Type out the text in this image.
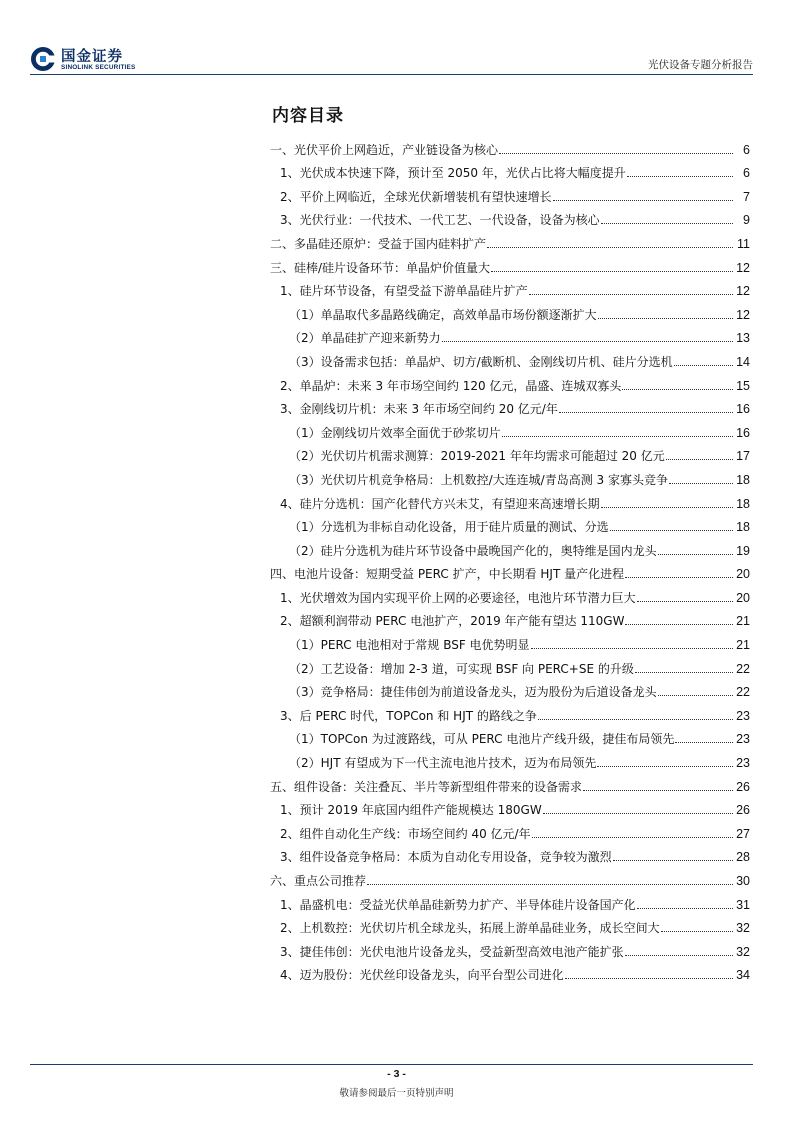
国金证券
SINOLINK SECURITIES	光伏设备专题分析报告
内容目录
一、光伏平价上网趋近，产业链设备为核心	6
1、光伏成本快速下降，预计至 2050 年，光伏占比将大幅度提升	6
2、平价上网临近，全球光伏新增装机有望快速增长	7
3、光伏行业：一代技术、一代工艺、一代设备，设备为核心	9
二、多晶硅还原炉：受益于国内硅料扩产	11
三、硅棒/硅片设备环节：单晶炉价值量大	12
1、硅片环节设备，有望受益下游单晶硅片扩产	12
（1）单晶取代多晶路线确定，高效单晶市场份额逐渐扩大	12
（2）单晶硅扩产迎来新势力	13
（3）设备需求包括：单晶炉、切方/截断机、金刚线切片机、硅片分选机	14
2、单晶炉：未来 3 年市场空间约 120 亿元，晶盛、连城双寡头	15
3、金刚线切片机：未来 3 年市场空间约 20 亿元/年	16
（1）金刚线切片效率全面优于砂浆切片	16
（2）光伏切片机需求测算：2019-2021 年年均需求可能超过 20 亿元	17
（3）光伏切片机竞争格局：上机数控/大连连城/青岛高测 3 家寡头竞争	18
4、硅片分选机：国产化替代方兴未艾，有望迎来高速增长期	18
（1）分选机为非标自动化设备，用于硅片质量的测试、分选	18
（2）硅片分选机为硅片环节设备中最晚国产化的，奥特维是国内龙头	19
四、电池片设备：短期受益 PERC 扩产，中长期看 HJT 量产化进程	20
1、光伏增效为国内实现平价上网的必要途径，电池片环节潜力巨大	20
2、超额利润带动 PERC 电池扩产，2019 年产能有望达 110GW	21
（1）PERC 电池相对于常规 BSF 电优势明显	21
（2）工艺设备：增加 2-3 道，可实现 BSF 向 PERC+SE 的升级	22
（3）竞争格局：捷佳伟创为前道设备龙头，迈为股份为后道设备龙头	22
3、后 PERC 时代，TOPCon 和 HJT 的路线之争	23
（1）TOPCon 为过渡路线，可从 PERC 电池片产线升级，捷佳布局领先	23
（2）HJT 有望成为下一代主流电池片技术，迈为布局领先	23
五、组件设备：关注叠瓦、半片等新型组件带来的设备需求	26
1、预计 2019 年底国内组件产能规模达 180GW	26
2、组件自动化生产线：市场空间约 40 亿元/年	27
3、组件设备竞争格局：本质为自动化专用设备，竞争较为激烈	28
六、重点公司推荐	30
1、晶盛机电：受益光伏单晶硅新势力扩产、半导体硅片设备国产化	31
2、上机数控：光伏切片机全球龙头，拓展上游单晶硅业务，成长空间大	32
3、捷佳伟创：光伏电池片设备龙头，受益新型高效电池产能扩张	32
4、迈为股份：光伏丝印设备龙头，向平台型公司进化	34
- 3 -
敬请参阅最后一页特别声明
